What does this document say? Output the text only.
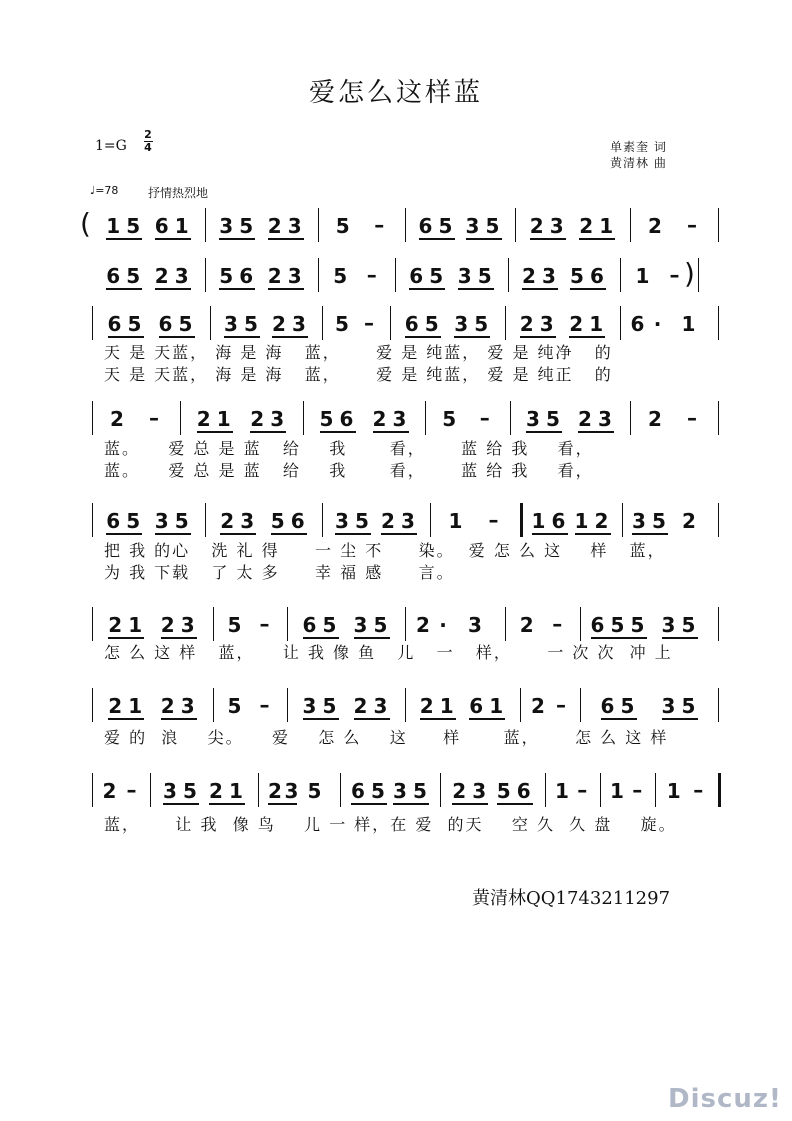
爱怎么这样蓝
1=G
2
4	单素奎 词
黄清林 曲
♩=78 抒情热烈地
( 1 5 6 1 3 5 2 3 5 – 6 5 3 5 2 3 2 1 2 –
)
6 5 2 3 5 6 2 3 5 – 6 5 3 5 2 3 5 6 1 –
6 5 6 5 3 5 2 3 5 – 6 5 3 5 2 3 2 1 6 · 1
天 是 天蓝， 海 是 海   蓝，     爱 是 纯蓝， 爱 是 纯净   的
天 是 天蓝， 海 是 海   蓝，     爱 是 纯蓝， 爱 是 纯正   的
2 – 2 1 2 3 5 6 2 3 5 – 3 5 2 3 2 –
蓝。    爱 总 是 蓝   给    我      看，     蓝 给 我    看，
蓝。    爱 总 是 蓝   给    我      看，     蓝 给 我    看，
6 5 3 5 2 3 5 6 3 5 2 3 1 – 1 6 1 2 3 5 2
把 我 的心   洗 礼 得     一 尘 不     染。  爱 怎 么 这    样   蓝，
为 我 下载   了 太 多     幸 福 感     言。
2 1 2 3 5 – 6 5 3 5 2 · 3 2 – 6 5 5 3 5
怎 么 这 样   蓝，    让 我 像 鱼   儿   一   样，     一 次 次  冲 上
2 1 2 3 5 – 3 5 2 3 2 1 6 1 2 – 6 5 3 5
爱 的  浪    尖。    爱    怎 么    这     样      蓝，     怎 么 这 样
2 – 3 5 2 1 2 3 5 6 5 3 5 2 3 5 6 1 – 1 – 1 –
蓝，     让 我  像 鸟    儿 一 样，在 爱  的天    空 久  久 盘    旋。
黄清林QQ1743211297
Discuz!
